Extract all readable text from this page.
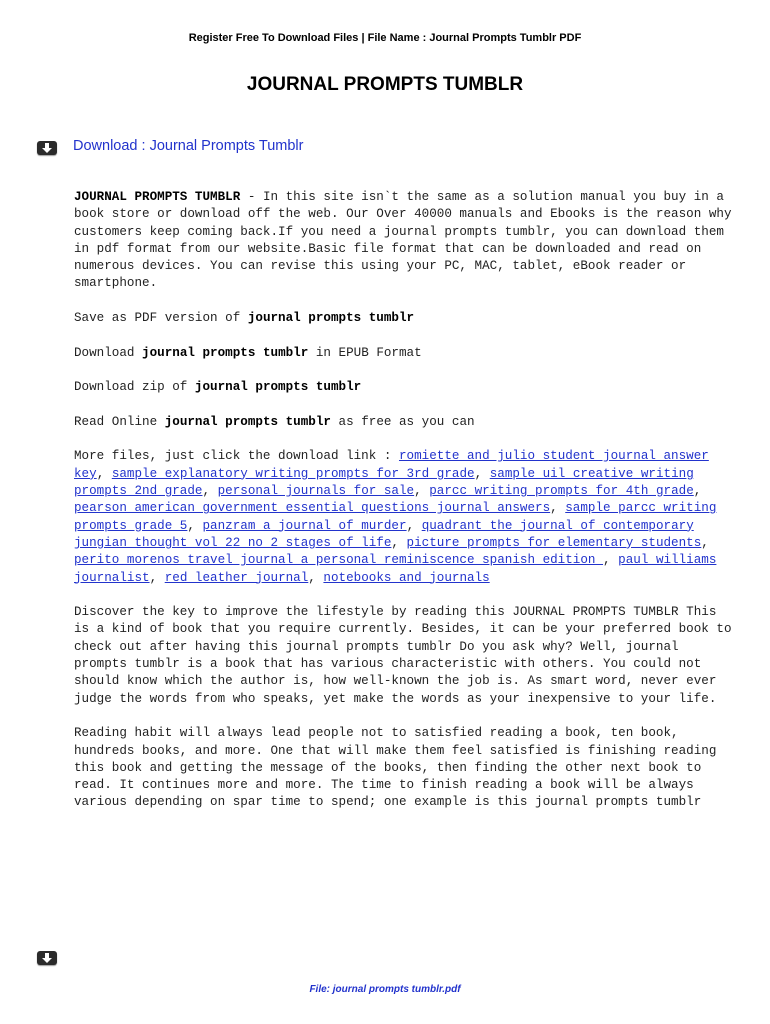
Register Free To Download Files | File Name : Journal Prompts Tumblr PDF
JOURNAL PROMPTS TUMBLR
Download : Journal Prompts Tumblr

JOURNAL PROMPTS TUMBLR - In this site isn`t the same as a solution manual you buy in a book store or download off the web. Our Over 40000 manuals and Ebooks is the reason why customers keep coming back.If you need a journal prompts tumblr, you can download them in pdf format from our website.Basic file format that can be downloaded and read on numerous devices. You can revise this using your PC, MAC, tablet, eBook reader or smartphone.

Save as PDF version of journal prompts tumblr

Download journal prompts tumblr in EPUB Format

Download zip of journal prompts tumblr

Read Online journal prompts tumblr as free as you can

More files, just click the download link : romiette and julio student journal answer key, sample explanatory writing prompts for 3rd grade, sample uil creative writing prompts 2nd grade, personal journals for sale, parcc writing prompts for 4th grade, pearson american government essential questions journal answers, sample parcc writing prompts grade 5, panzram a journal of murder, quadrant the journal of contemporary jungian thought vol 22 no 2 stages of life, picture prompts for elementary students, perito morenos travel journal a personal reminiscence spanish edition , paul williams journalist, red leather journal, notebooks and journals

Discover the key to improve the lifestyle by reading this JOURNAL PROMPTS TUMBLR This is a kind of book that you require currently. Besides, it can be your preferred book to check out after having this journal prompts tumblr Do you ask why? Well, journal prompts tumblr is a book that has various characteristic with others. You could not should know which the author is, how well-known the job is. As smart word, never ever judge the words from who speaks, yet make the words as your inexpensive to your life.

Reading habit will always lead people not to satisfied reading a book, ten book, hundreds books, and more. One that will make them feel satisfied is finishing reading this book and getting the message of the books, then finding the other next book to read. It continues more and more. The time to finish reading a book will be always various depending on spar time to spend; one example is this journal prompts tumblr

File: journal prompts tumblr.pdf
